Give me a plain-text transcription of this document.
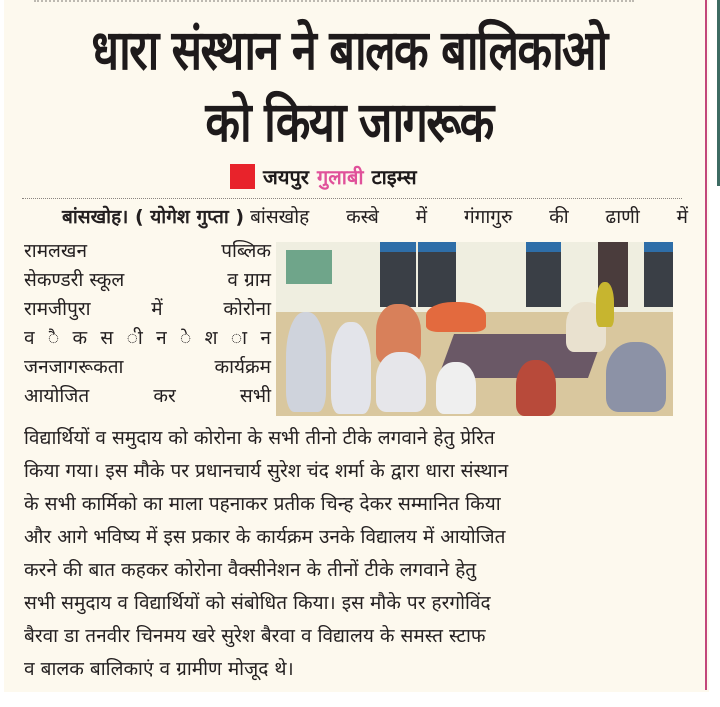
धारा संस्थान ने बालक बालिकाओ
को किया जागरूक
जयपुर गुलाबी टाइम्स
बांसखोह। ( योगेश गुप्ता ) बांसखोह कस्बे में गंगागुरु की ढाणी में
रामलखन	पब्लिक
सेकण्डरी स्कूल	व ग्राम
रामजीपुरा	में	कोरोना
व ै क स ी न े श ा न
जनजागरूकता	कार्यक्रम
आयोजित	कर	सभी
विद्यार्थियों व समुदाय को कोरोना के सभी तीनो टीके लगवाने हेतु प्रेरित
किया गया। इस मौके पर प्रधानचार्य सुरेश चंद शर्मा के द्वारा धारा संस्थान
के सभी कार्मिको का माला पहनाकर प्रतीक चिन्ह देकर सम्मानित किया
और आगे भविष्य में इस प्रकार के कार्यक्रम उनके विद्यालय में आयोजित
करने की बात कहकर कोरोना वैक्सीनेशन के तीनों टीके लगवाने हेतु
सभी समुदाय व विद्यार्थियों को संबोधित किया। इस मौके पर हरगोविंद
बैरवा डा तनवीर चिनमय खरे सुरेश बैरवा व विद्यालय के समस्त स्टाफ
व बालक बालिकाएं व ग्रामीण मोजूद थे।
